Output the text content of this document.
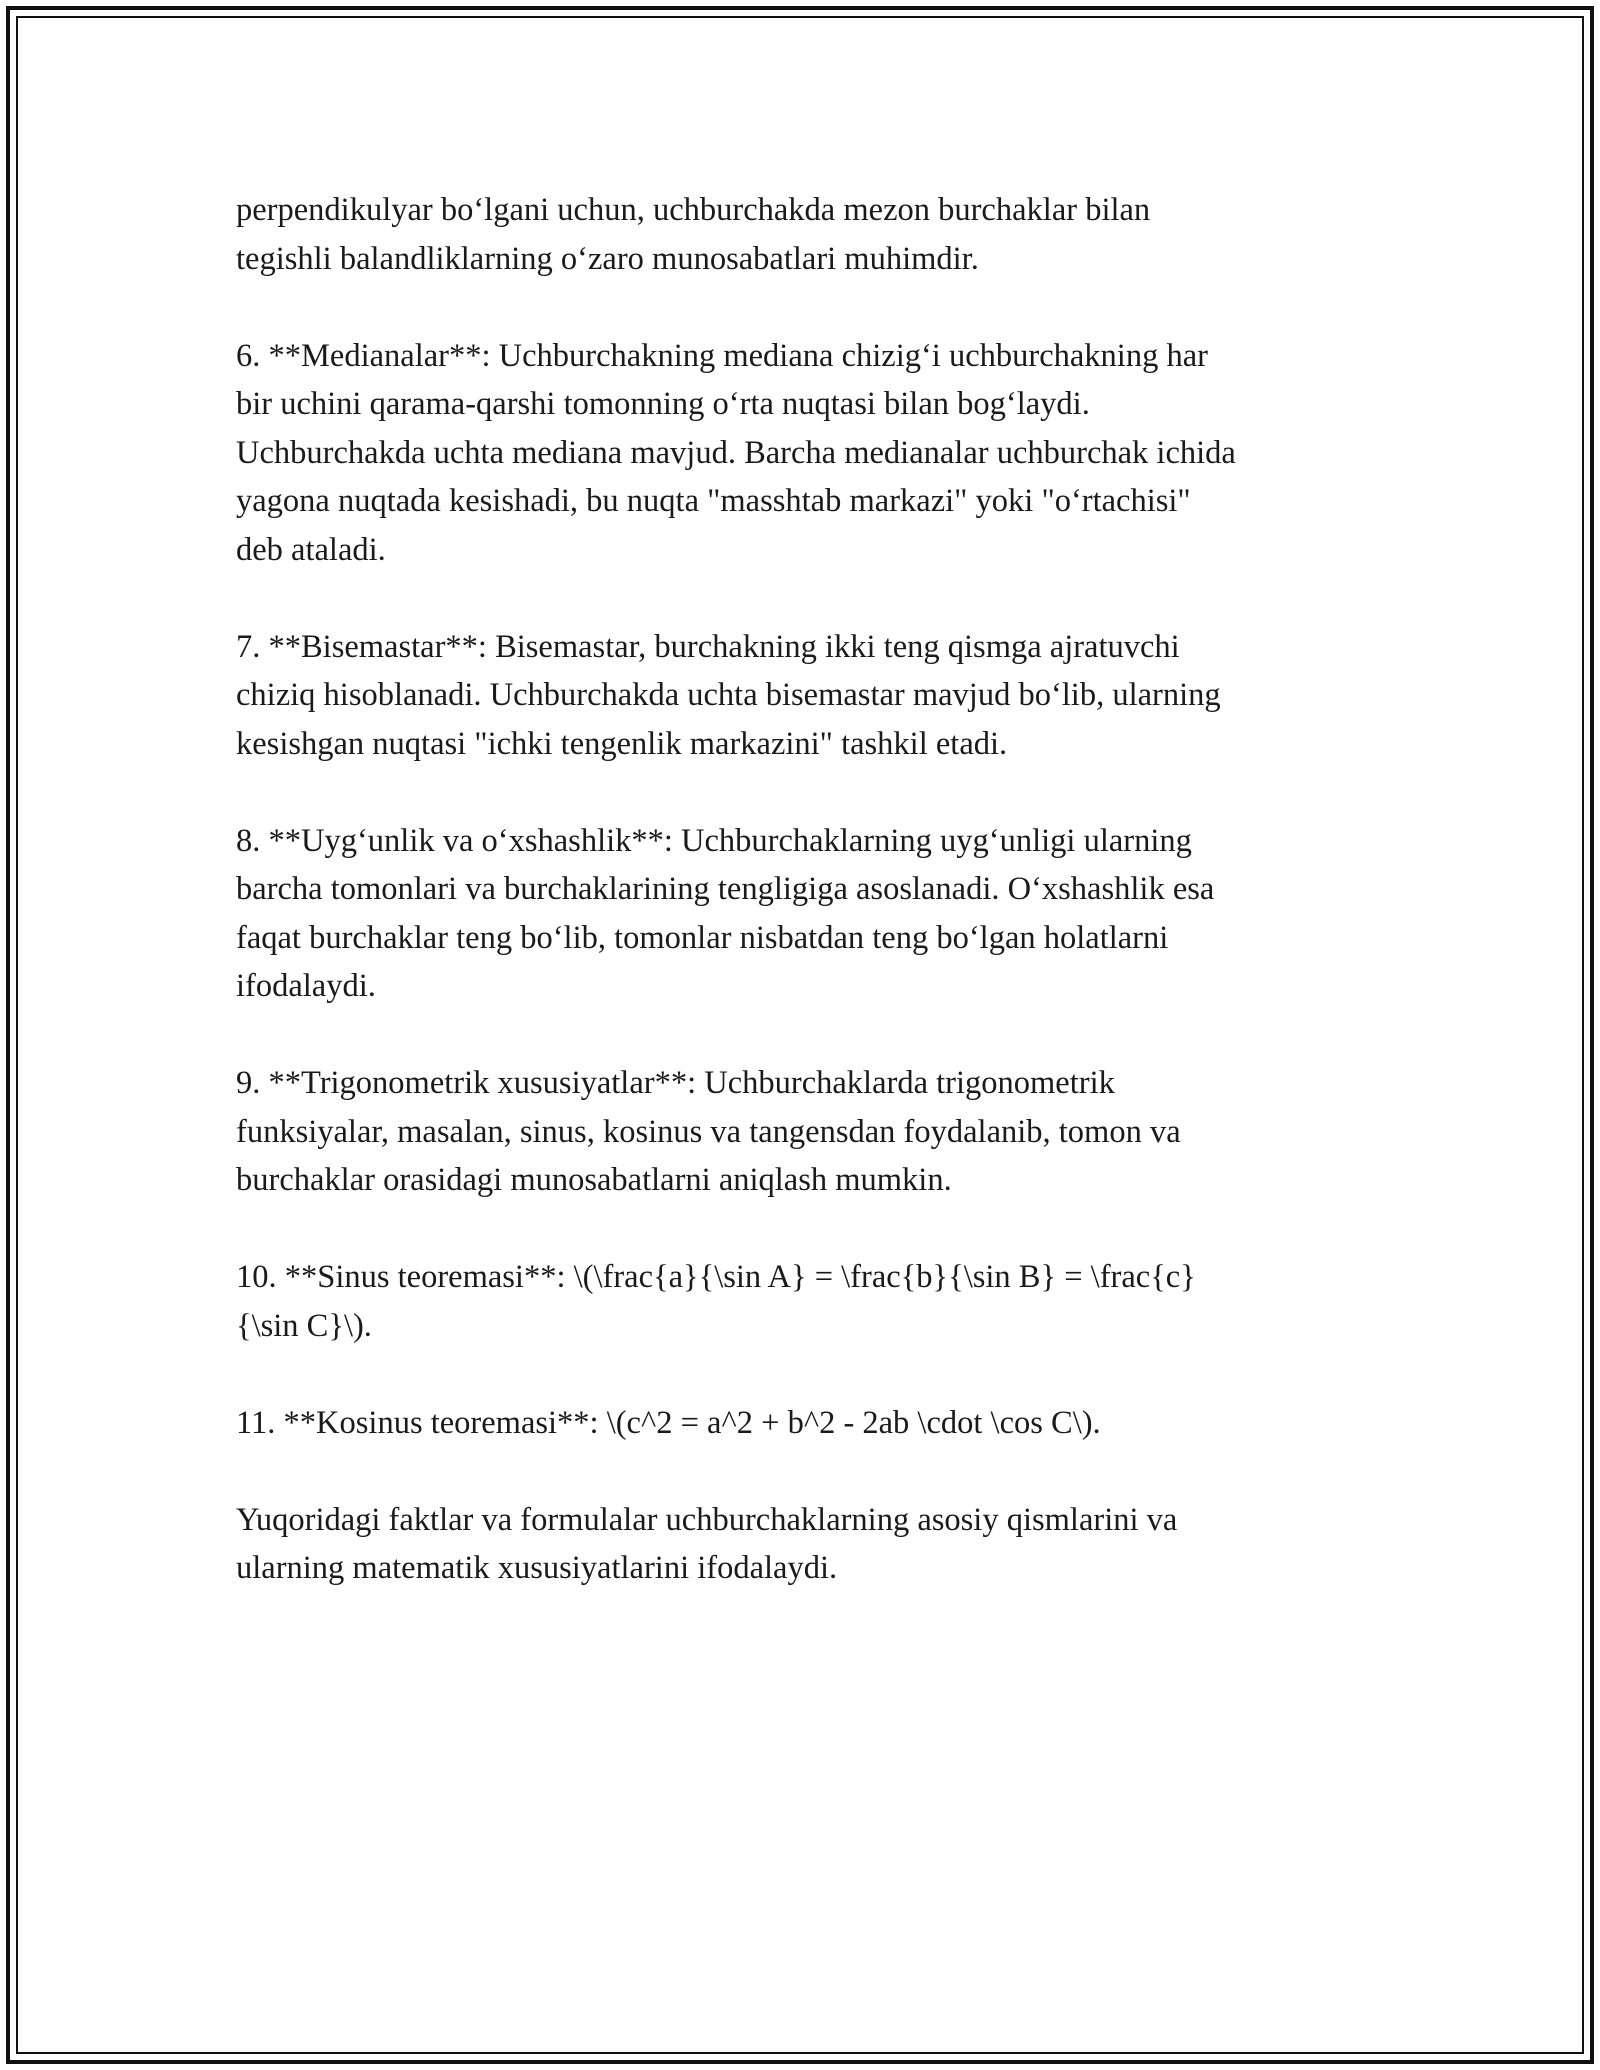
perpendikulyar bo‘lgani uchun, uchburchakda mezon burchaklar bilan
tegishli balandliklarning o‘zaro munosabatlari muhimdir.

6. **Medianalar**: Uchburchakning mediana chizig‘i uchburchakning har
bir uchini qarama-qarshi tomonning o‘rta nuqtasi bilan bog‘laydi.
Uchburchakda uchta mediana mavjud. Barcha medianalar uchburchak ichida
yagona nuqtada kesishadi, bu nuqta "masshtab markazi" yoki "o‘rtachisi"
deb ataladi.

7. **Bisemastar**: Bisemastar, burchakning ikki teng qismga ajratuvchi
chiziq hisoblanadi. Uchburchakda uchta bisemastar mavjud bo‘lib, ularning
kesishgan nuqtasi "ichki tengenlik markazini" tashkil etadi.

8. **Uyg‘unlik va o‘xshashlik**: Uchburchaklarning uyg‘unligi ularning
barcha tomonlari va burchaklarining tengligiga asoslanadi. O‘xshashlik esa
faqat burchaklar teng bo‘lib, tomonlar nisbatdan teng bo‘lgan holatlarni
ifodalaydi.

9. **Trigonometrik xususiyatlar**: Uchburchaklarda trigonometrik
funksiyalar, masalan, sinus, kosinus va tangensdan foydalanib, tomon va
burchaklar orasidagi munosabatlarni aniqlash mumkin.

10. **Sinus teoremasi**: \(\frac{a}{\sin A} = \frac{b}{\sin B} = \frac{c}
{\sin C}\).

11. **Kosinus teoremasi**: \(c^2 = a^2 + b^2 - 2ab \cdot \cos C\).

Yuqoridagi faktlar va formulalar uchburchaklarning asosiy qismlarini va
ularning matematik xususiyatlarini ifodalaydi.
